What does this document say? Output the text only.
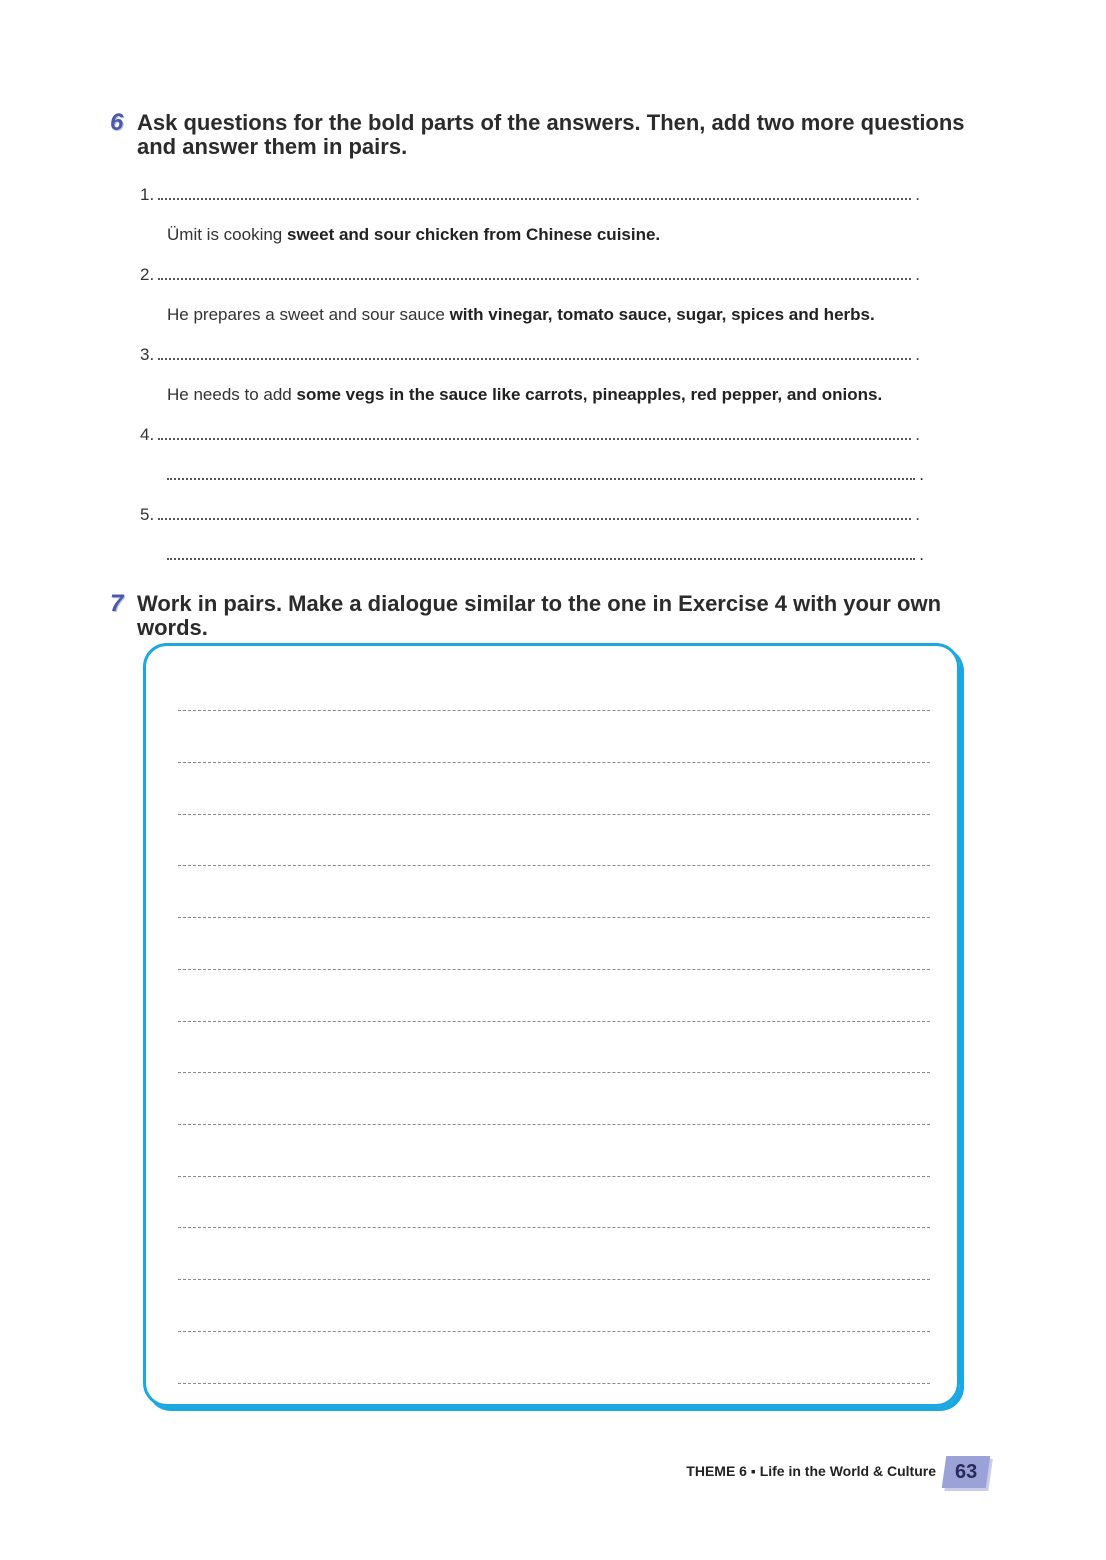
6 Ask questions for the bold parts of the answers. Then, add two more questions and answer them in pairs.
1.	.
Ümit is cooking sweet and sour chicken from Chinese cuisine.
2.	.
He prepares a sweet and sour sauce with vinegar, tomato sauce, sugar, spices and herbs.
3.	.
He needs to add some vegs in the sauce like carrots, pineapples, red pepper, and onions.
4.	.
.
5.	.
.
7 Work in pairs. Make a dialogue similar to the one in Exercise 4 with your own words.
THEME 6 ▪ Life in the World & Culture 63
